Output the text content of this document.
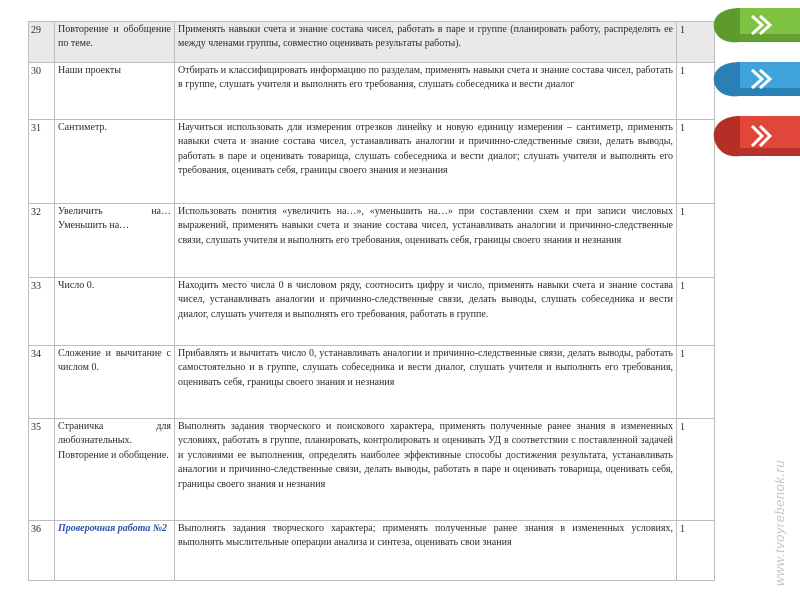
29	Повторение и обобщение по теме.	Применять навыки счета и знание состава чисел, работать в паре и группе (планировать работу, распределять ее между членами группы, совместно оценивать результаты работы).	1
30	Наши проекты	Отбирать и классифицировать информацию по разделам, применять навыки счета и знание состава чисел, работать в группе, слушать учителя и выполнять его требования, слушать собеседника и вести диалог	1
31	Сантиметр.	Научиться использовать для измерения отрезков линейку и новую единицу измерения – сантиметр, применять навыки счета и знание состава чисел, устанавливать аналогии и причинно-следственные связи, делать выводы, работать в паре и оценивать товарища, слушать собеседника и вести диалог; слушать учителя и выполнять его требования, оценивать себя, границы своего знания и незнания	1
32	Увеличить на… Уменьшить на…	Использовать понятия «увеличить на…», «уменьшить на…» при составлении схем и при записи числовых выражений, применять навыки счета и знание состава чисел, устанавливать аналогии и причинно-следственные связи, слушать учителя и выполнять его требования, оценивать себя, границы своего знания и незнания	1
33	Число 0.	Находить место числа 0 в числовом ряду, соотносить цифру и число, применять навыки счета и знание состава чисел, устанавливать аналогии и причинно-следственные связи, делать выводы, слушать собеседника и вести диалог, слушать учителя и выполнять его требования, работать в группе.	1
34	Сложение и вычитание с числом 0.	Прибавлять и вычитать число 0, устанавливать аналогии и причинно-следственные связи, делать выводы, работать самостоятельно и в группе, слушать собеседника и вести диалог, слушать учителя и выполнять его требования, оценивать себя, границы своего знания и незнания	1
35	Страничка для любознательных. Повторение и обобщение.	Выполнять задания творческого и поискового характера, применять полученные ранее знания в измененных условиях, работать в группе, планировать, контролировать и оценивать УД в соответствии с поставленной задачей и условиями ее выполнения, определять наиболее эффективные способы достижения результата, устанавливать аналогии и причинно-следственные связи, делать выводы, работать в паре и оценивать товарища, оценивать себя, границы своего знания и незнания	1
36	Проверочная работа №2	Выполнять задания творческого характера; применять полученные ранее знания в измененных условиях, выполнять мыслительные операции анализа и синтеза, оценивать свои знания	1	www.tvoyrebenok.ru
